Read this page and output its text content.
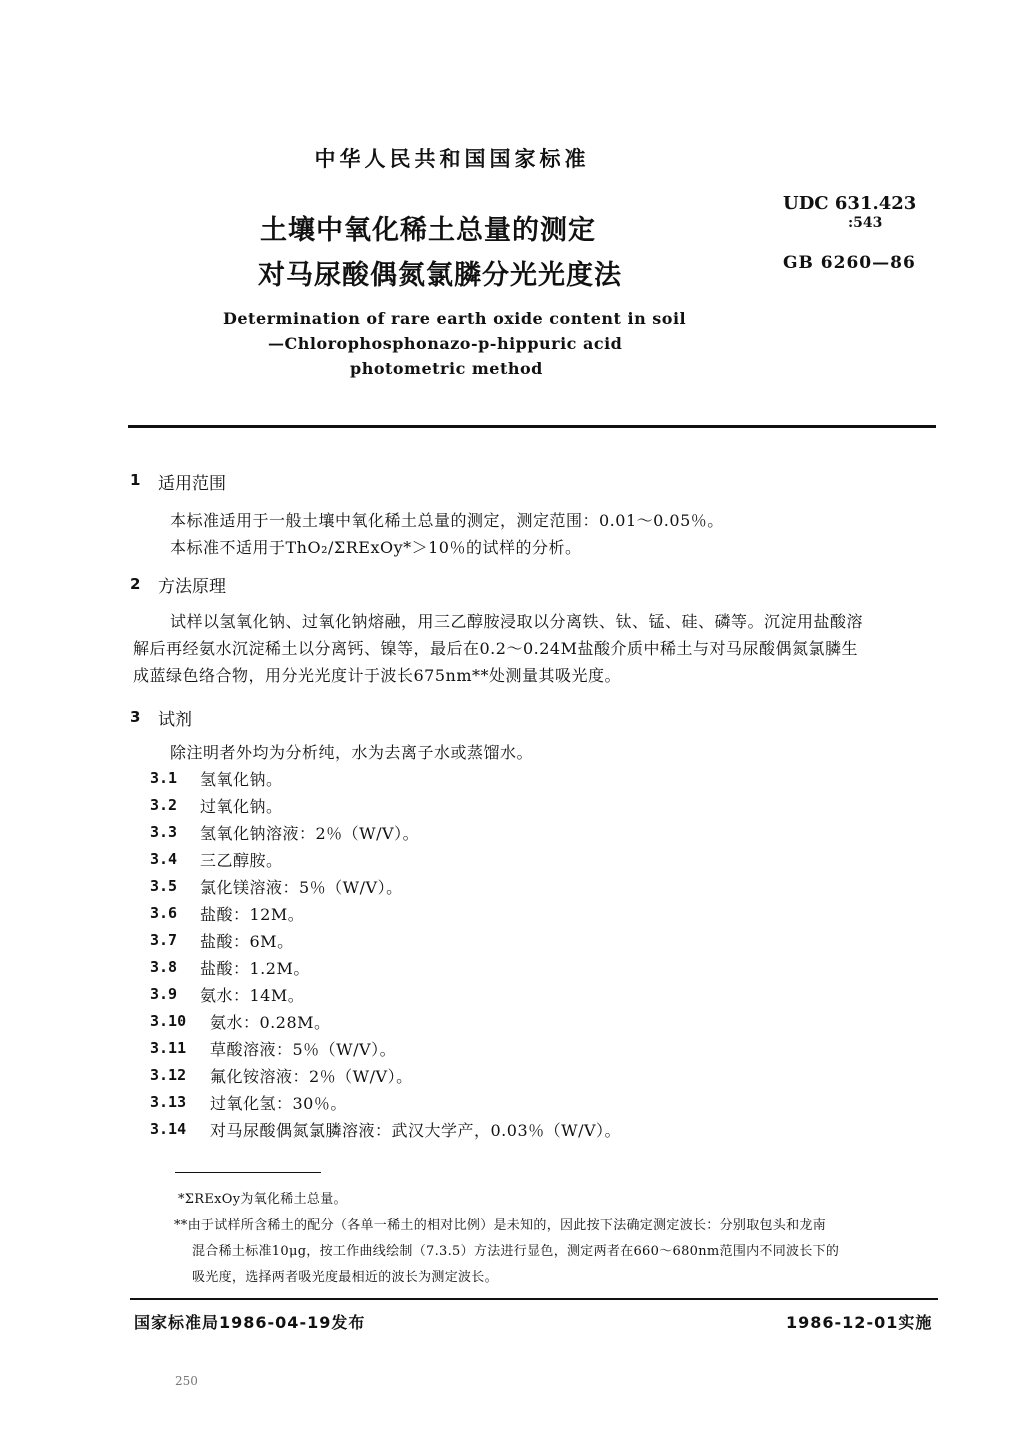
中华人民共和国国家标准
土壤中氧化稀土总量的测定
对马尿酸偶氮氯膦分光光度法
UDC 631.423
:543
GB 6260—86
Determination of rare earth oxide content in soil
—Chlorophosphonazo-p-hippuric acid
photometric method
1 适用范围
本标准适用于一般土壤中氧化稀土总量的测定，测定范围：0.01～0.05％。
本标准不适用于ThO₂/ΣRExOy*＞10％的试样的分析。
2 方法原理
试样以氢氧化钠、过氧化钠熔融，用三乙醇胺浸取以分离铁、钛、锰、硅、磷等。沉淀用盐酸溶
解后再经氨水沉淀稀土以分离钙、镍等，最后在0.2～0.24M盐酸介质中稀土与对马尿酸偶氮氯膦生
成蓝绿色络合物，用分光光度计于波长675nm**处测量其吸光度。
3 试剂
除注明者外均为分析纯，水为去离子水或蒸馏水。
3.1 氢氧化钠。
3.2 过氧化钠。
3.3 氢氧化钠溶液：2％（W/V）。
3.4 三乙醇胺。
3.5 氯化镁溶液：5％（W/V）。
3.6 盐酸：12M。
3.7 盐酸：6M。
3.8 盐酸：1.2M。
3.9 氨水：14M。
3.10 氨水：0.28M。
3.11 草酸溶液：5％（W/V）。
3.12 氟化铵溶液：2％（W/V）。
3.13 过氧化氢：30％。
3.14 对马尿酸偶氮氯膦溶液：武汉大学产，0.03％（W/V）。
*ΣRExOy为氧化稀土总量。
**由于试样所含稀土的配分（各单一稀土的相对比例）是未知的，因此按下法确定测定波长：分别取包头和龙南
混合稀土标准10μg，按工作曲线绘制（7.3.5）方法进行显色，测定两者在660～680nm范围内不同波长下的
吸光度，选择两者吸光度最相近的波长为测定波长。
国家标准局1986-04-19发布	1986-12-01实施
250
